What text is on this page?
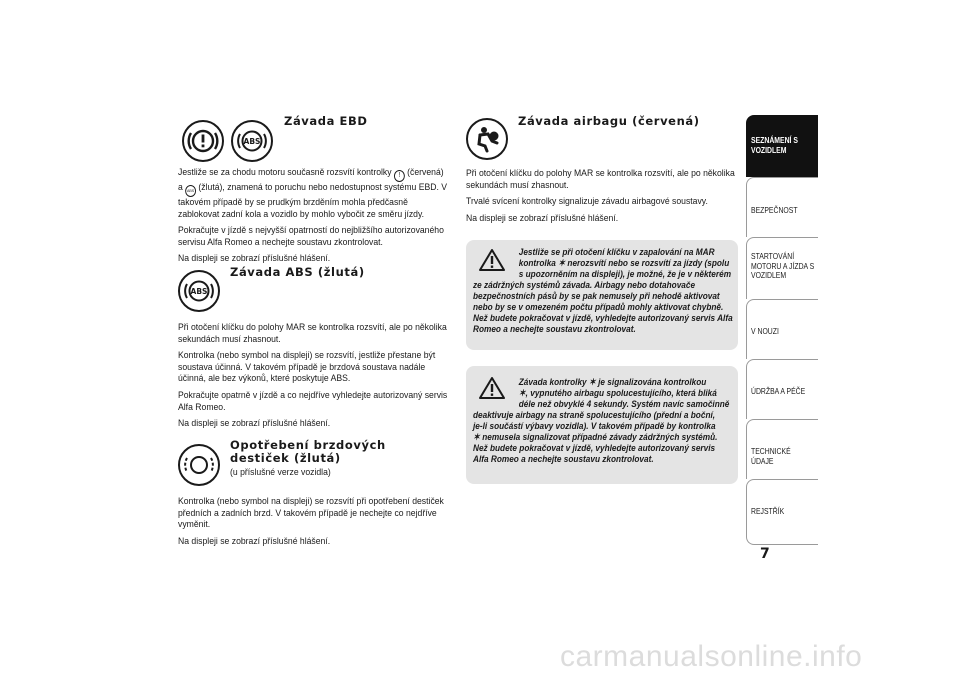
ABS
Závada EBD

Jestliže se za chodu motoru současně rozsvítí kontrolky ! (červená) a ABS (žlutá), znamená to poruchu nebo nedostupnost systému EBD. V takovém případě by se prudkým brzděním mohla předčasně zablokovat zadní kola a vozidlo by mohlo vybočit ze směru jízdy.

Pokračujte v jízdě s nejvyšší opatrností do nejbližšího autorizovaného servisu Alfa Romeo a nechejte soustavu zkontrolovat.

Na displeji se zobrazí příslušné hlášení.

ABS
Závada ABS (žlutá)

Při otočení klíčku do polohy MAR se kontrolka rozsvítí, ale po několika sekundách musí zhasnout.

Kontrolka (nebo symbol na displeji) se rozsvítí, jestliže přestane být soustava účinná. V takovém případě je brzdová soustava nadále účinná, ale bez výkonů, které poskytuje ABS.

Pokračujte opatrně v jízdě a co nejdříve vyhledejte autorizovaný servis Alfa Romeo.

Na displeji se zobrazí příslušné hlášení.

Opotřebení brzdových
destiček (žlutá)
(u příslušné verze vozidla)

Kontrolka (nebo symbol na displeji) se rozsvítí při opotřebení destiček předních a zadních brzd. V takovém případě je nechejte co nejdříve vyměnit.

Na displeji se zobrazí příslušné hlášení.

Závada airbagu (červená)

Při otočení klíčku do polohy MAR se kontrolka rozsvítí, ale po několika sekundách musí zhasnout.

Trvalé svícení kontrolky signalizuje závadu airbagové soustavy.

Na displeji se zobrazí příslušné hlášení.

Jestliže se při otočení klíčku v zapalování na MAR

kontrolka ✶ nerozsvítí nebo se rozsvítí za jízdy (spolu

s upozorněním na displeji), je možné, že je v některém

ze zádržných systémů závada. Airbagy nebo dotahovače bezpečnostních pásů by se pak nemusely při nehodě aktivovat nebo by se v omezeném počtu případů mohly aktivovat chybně. Než budete pokračovat v jízdě, vyhledejte autorizovaný servis Alfa Romeo a nechejte soustavu zkontrolovat.

Závada kontrolky ✶ je signalizována kontrolkou

✶, vypnutého airbagu spolucestujícího, která bliká

déle než obvyklé 4 sekundy. Systém navíc samočinně

deaktivuje airbagy na straně spolucestujícího (přední a boční,

je-li součástí výbavy vozidla). V takovém případě by kontrolka

✶ nemusela signalizovat případné závady zádržných systémů.

Než budete pokračovat v jízdě, vyhledejte autorizovaný servis

Alfa Romeo a nechejte soustavu zkontrolovat.

SEZNÁMENÍ S VOZIDLEM
BEZPEČNOST
STARTOVÁNÍ MOTORU A JÍZDA S VOZIDLEM
V NOUZI
ÚDRŽBA A PÉČE
TECHNICKÉ ÚDAJE
REJSTŘÍK
7
carmanualsonline.info
